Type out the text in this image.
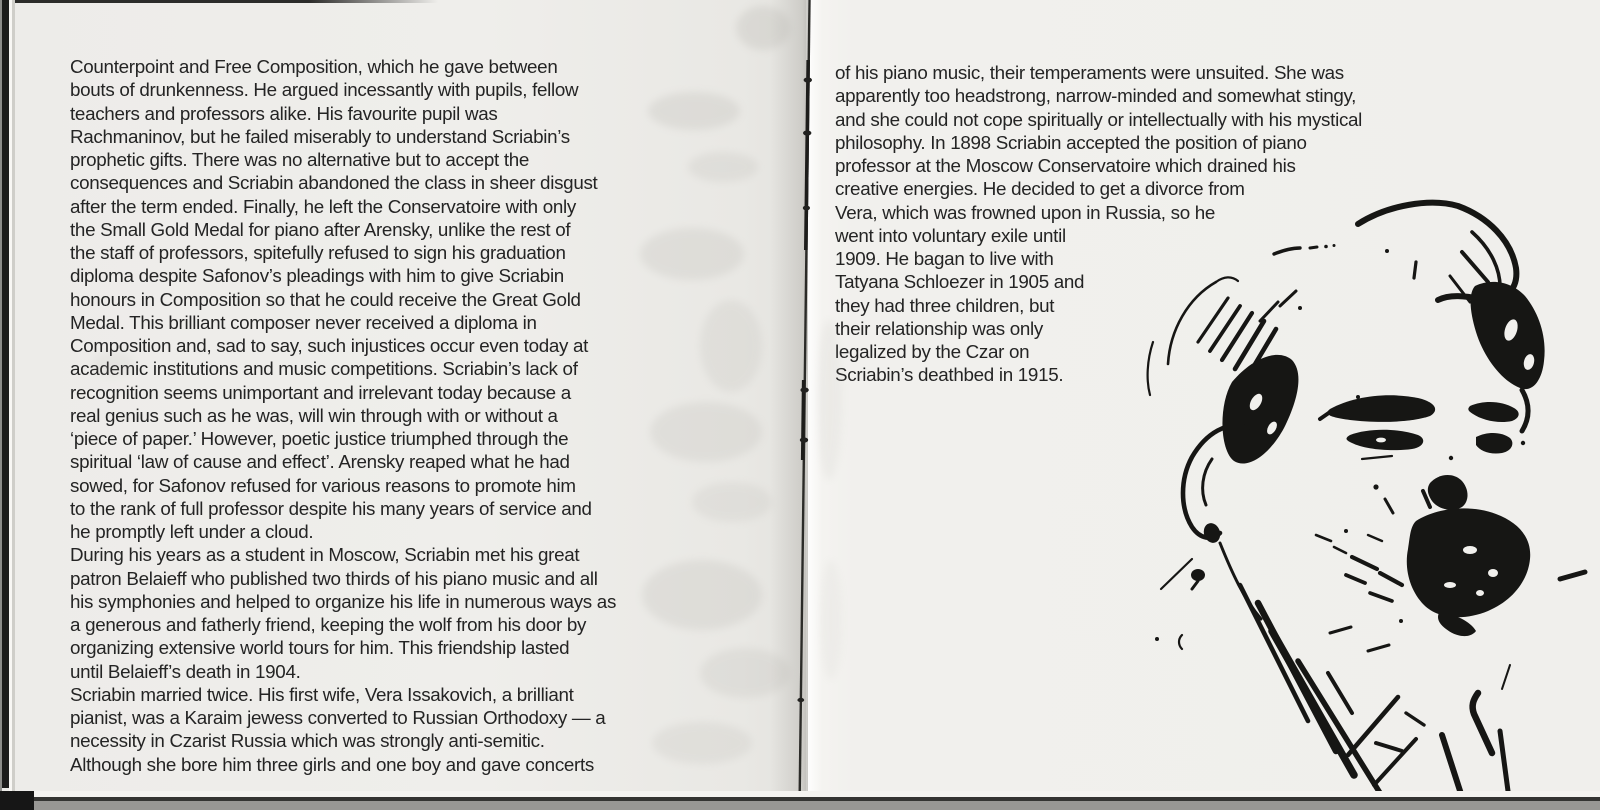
Counterpoint and Free Composition, which he gave between
bouts of drunkenness. He argued incessantly with pupils, fellow
teachers and professors alike. His favourite pupil was
Rachmaninov, but he failed miserably to understand Scriabin’s
prophetic gifts. There was no alternative but to accept the
consequences and Scriabin abandoned the class in sheer disgust
after the term ended. Finally, he left the Conservatoire with only
the Small Gold Medal for piano after Arensky, unlike the rest of
the staff of professors, spitefully refused to sign his graduation
diploma despite Safonov’s pleadings with him to give Scriabin
honours in Composition so that he could receive the Great Gold
Medal. This brilliant composer never received a diploma in
Composition and, sad to say, such injustices occur even today at
academic institutions and music competitions. Scriabin’s lack of
recognition seems unimportant and irrelevant today because a
real genius such as he was, will win through with or without a
‘piece of paper.’ However, poetic justice triumphed through the
spiritual ‘law of cause and effect’. Arensky reaped what he had
sowed, for Safonov refused for various reasons to promote him
to the rank of full professor despite his many years of service and
he promptly left under a cloud.
During his years as a student in Moscow, Scriabin met his great
patron Belaieff who published two thirds of his piano music and all
his symphonies and helped to organize his life in numerous ways as
a generous and fatherly friend, keeping the wolf from his door by
organizing extensive world tours for him. This friendship lasted
until Belaieff’s death in 1904.
Scriabin married twice. His first wife, Vera Issakovich, a brilliant
pianist, was a Karaim jewess converted to Russian Orthodoxy — a
necessity in Czarist Russia which was strongly anti-semitic.
Although she bore him three girls and one boy and gave concerts
of his piano music, their temperaments were unsuited. She was
apparently too headstrong, narrow-minded and somewhat stingy,
and she could not cope spiritually or intellectually with his mystical
philosophy. In 1898 Scriabin accepted the position of piano
professor at the Moscow Conservatoire which drained his
creative energies. He decided to get a divorce from
Vera, which was frowned upon in Russia, so he
went into voluntary exile until
1909. He bagan to live with
Tatyana Schloezer in 1905 and
they had three children, but
their relationship was only
legalized by the Czar on
Scriabin’s deathbed in 1915.
